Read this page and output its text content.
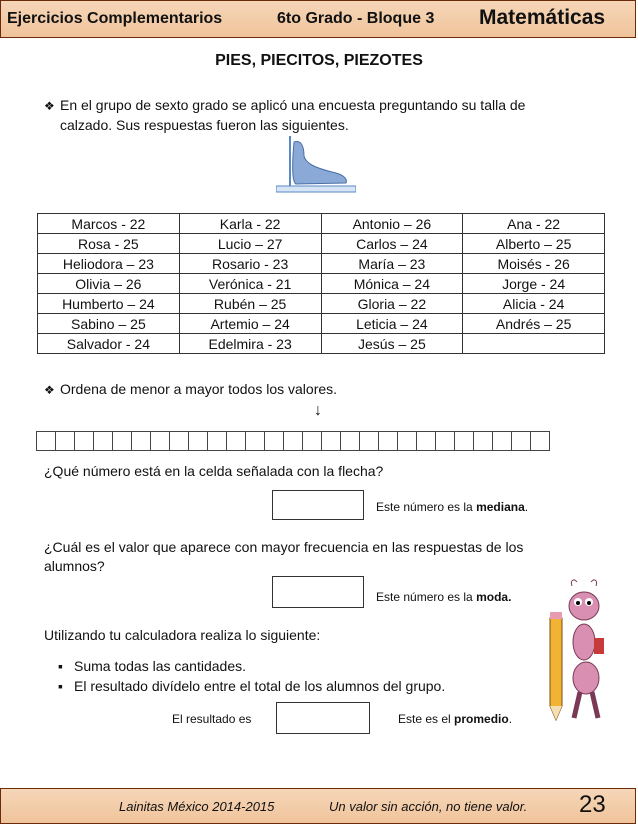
Ejercicios Complementarios	6to Grado - Bloque 3 Matemáticas
PIES, PIECITOS, PIEZOTES
❖ En el grupo de sexto grado se aplicó una encuesta preguntando su talla de
calzado. Sus respuestas fueron las siguientes.
Marcos - 22	Karla - 22	Antonio – 26	Ana - 22
Rosa - 25	Lucio – 27	Carlos – 24	Alberto – 25
Heliodora – 23	Rosario - 23	María – 23	Moisés - 26
Olivia – 26	Verónica - 21	Mónica – 24	Jorge - 24
Humberto – 24	Rubén – 25	Gloria – 22	Alicia - 24
Sabino – 25	Artemio – 24	Leticia – 24	Andrés – 25
Salvador - 24	Edelmira - 23	Jesús – 25	
❖ Ordena de menor a mayor todos los valores.
↓
¿Qué número está en la celda señalada con la flecha?
Este número es la mediana.
¿Cuál es el valor que aparece con mayor frecuencia en las respuestas de los
alumnos?
Este número es la moda.
Utilizando tu calculadora realiza lo siguiente:
▪ Suma todas las cantidades.
▪ El resultado divídelo entre el total de los alumnos del grupo.
El resultado es	Este es el promedio.
Lainitas México 2014-2015	Un valor sin acción, no tiene valor. 23
